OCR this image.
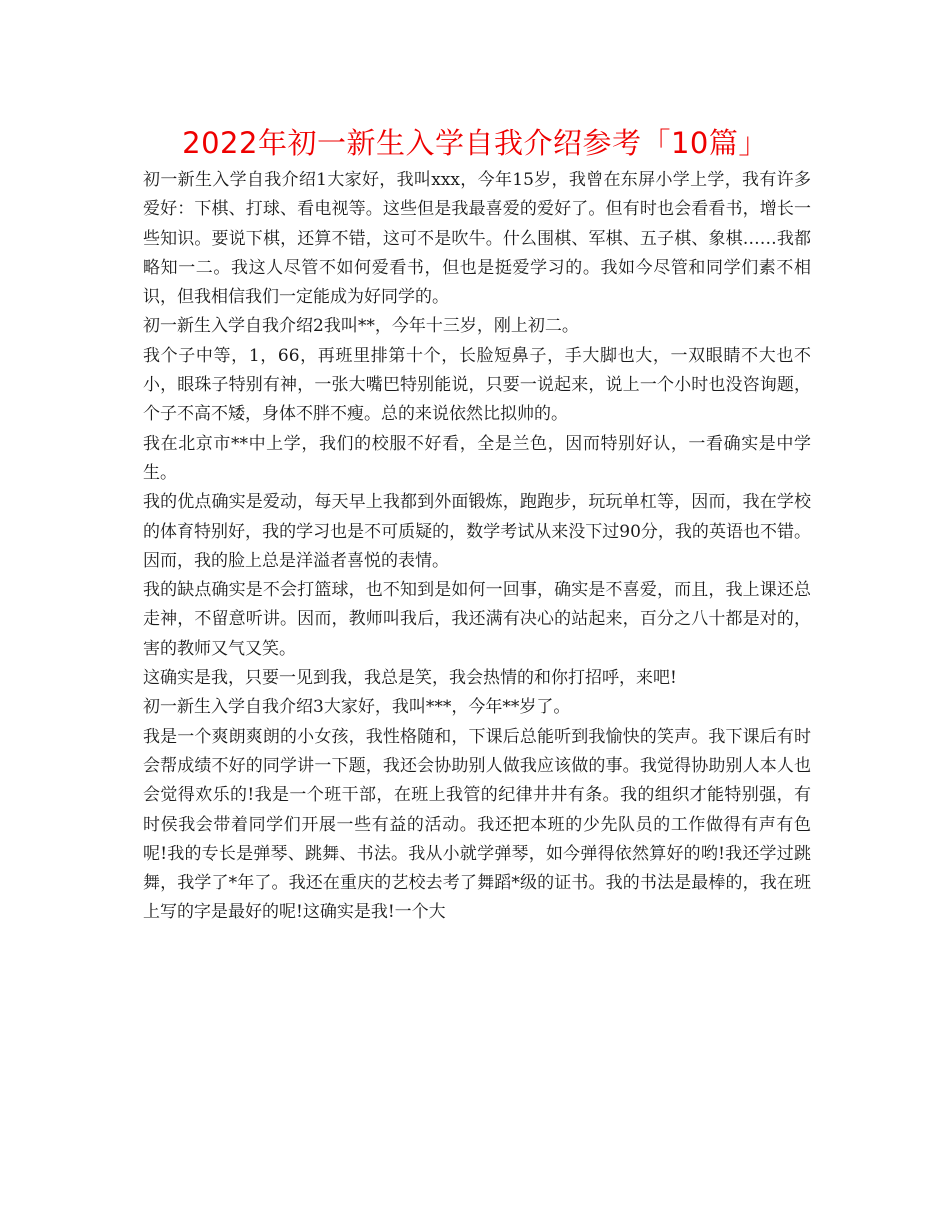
2022年初一新生入学自我介绍参考「10篇」

初一新生入学自我介绍1大家好，我叫xxx，今年15岁，我曾在东屏小学上学，我有许多爱好：下棋、打球、看电视等。这些但是我最喜爱的爱好了。但有时也会看看书，增长一些知识。要说下棋，还算不错，这可不是吹牛。什么围棋、军棋、五子棋、象棋……我都略知一二。我这人尽管不如何爱看书，但也是挺爱学习的。我如今尽管和同学们素不相识，但我相信我们一定能成为好同学的。

初一新生入学自我介绍2我叫**，今年十三岁，刚上初二。

我个子中等，1，66，再班里排第十个，长脸短鼻子，手大脚也大，一双眼睛不大也不小，眼珠子特别有神，一张大嘴巴特别能说，只要一说起来，说上一个小时也没咨询题，个子不高不矮，身体不胖不瘦。总的来说依然比拟帅的。

我在北京市**中上学，我们的校服不好看，全是兰色，因而特别好认，一看确实是中学生。

我的优点确实是爱动，每天早上我都到外面锻炼，跑跑步，玩玩单杠等，因而，我在学校的体育特别好，我的学习也是不可质疑的，数学考试从来没下过90分，我的英语也不错。因而，我的脸上总是洋溢者喜悦的表情。

我的缺点确实是不会打篮球，也不知到是如何一回事，确实是不喜爱，而且，我上课还总走神，不留意听讲。因而，教师叫我后，我还满有决心的站起来，百分之八十都是对的，害的教师又气又笑。

这确实是我，只要一见到我，我总是笑，我会热情的和你打招呼，来吧!

初一新生入学自我介绍3大家好，我叫***，今年**岁了。

我是一个爽朗爽朗的小女孩，我性格随和，下课后总能听到我愉快的笑声。我下课后有时会帮成绩不好的同学讲一下题，我还会协助别人做我应该做的事。我觉得协助别人本人也会觉得欢乐的!我是一个班干部，在班上我管的纪律井井有条。我的组织才能特别强，有时侯我会带着同学们开展一些有益的活动。我还把本班的少先队员的工作做得有声有色呢!我的专长是弹琴、跳舞、书法。我从小就学弹琴，如今弹得依然算好的哟!我还学过跳舞，我学了*年了。我还在重庆的艺校去考了舞蹈*级的证书。我的书法是最棒的，我在班上写的字是最好的呢!这确实是我!一个大
